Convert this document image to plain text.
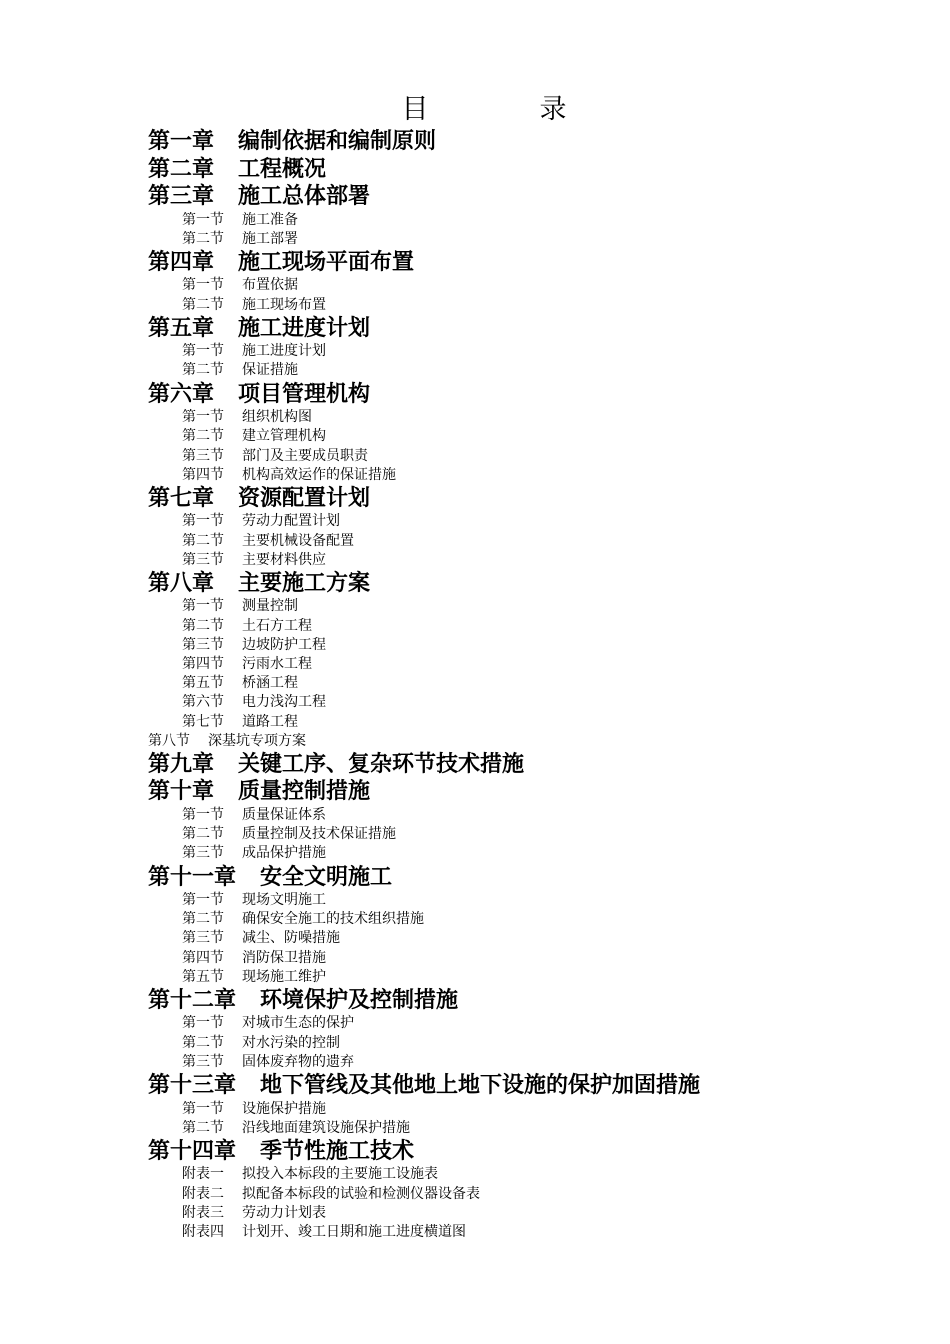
目　录
第一章 编制依据和编制原则
第二章 工程概况
第三章 施工总体部署
第一节 施工准备
第二节 施工部署
第四章 施工现场平面布置
第一节 布置依据
第二节 施工现场布置
第五章 施工进度计划
第一节 施工进度计划
第二节 保证措施
第六章 项目管理机构
第一节 组织机构图
第二节 建立管理机构
第三节 部门及主要成员职责
第四节 机构高效运作的保证措施
第七章 资源配置计划
第一节 劳动力配置计划
第二节 主要机械设备配置
第三节 主要材料供应
第八章 主要施工方案
第一节 测量控制
第二节 土石方工程
第三节 边坡防护工程
第四节 污雨水工程
第五节 桥涵工程
第六节 电力浅沟工程
第七节 道路工程
第八节 深基坑专项方案
第九章 关键工序、复杂环节技术措施
第十章 质量控制措施
第一节 质量保证体系
第二节 质量控制及技术保证措施
第三节 成品保护措施
第十一章 安全文明施工
第一节 现场文明施工
第二节 确保安全施工的技术组织措施
第三节 减尘、防噪措施
第四节 消防保卫措施
第五节 现场施工维护
第十二章 环境保护及控制措施
第一节 对城市生态的保护
第二节 对水污染的控制
第三节 固体废弃物的遗弃
第十三章 地下管线及其他地上地下设施的保护加固措施
第一节 设施保护措施
第二节 沿线地面建筑设施保护措施
第十四章 季节性施工技术
附表一 拟投入本标段的主要施工设施表
附表二 拟配备本标段的试验和检测仪器设备表
附表三 劳动力计划表
附表四 计划开、竣工日期和施工进度横道图
